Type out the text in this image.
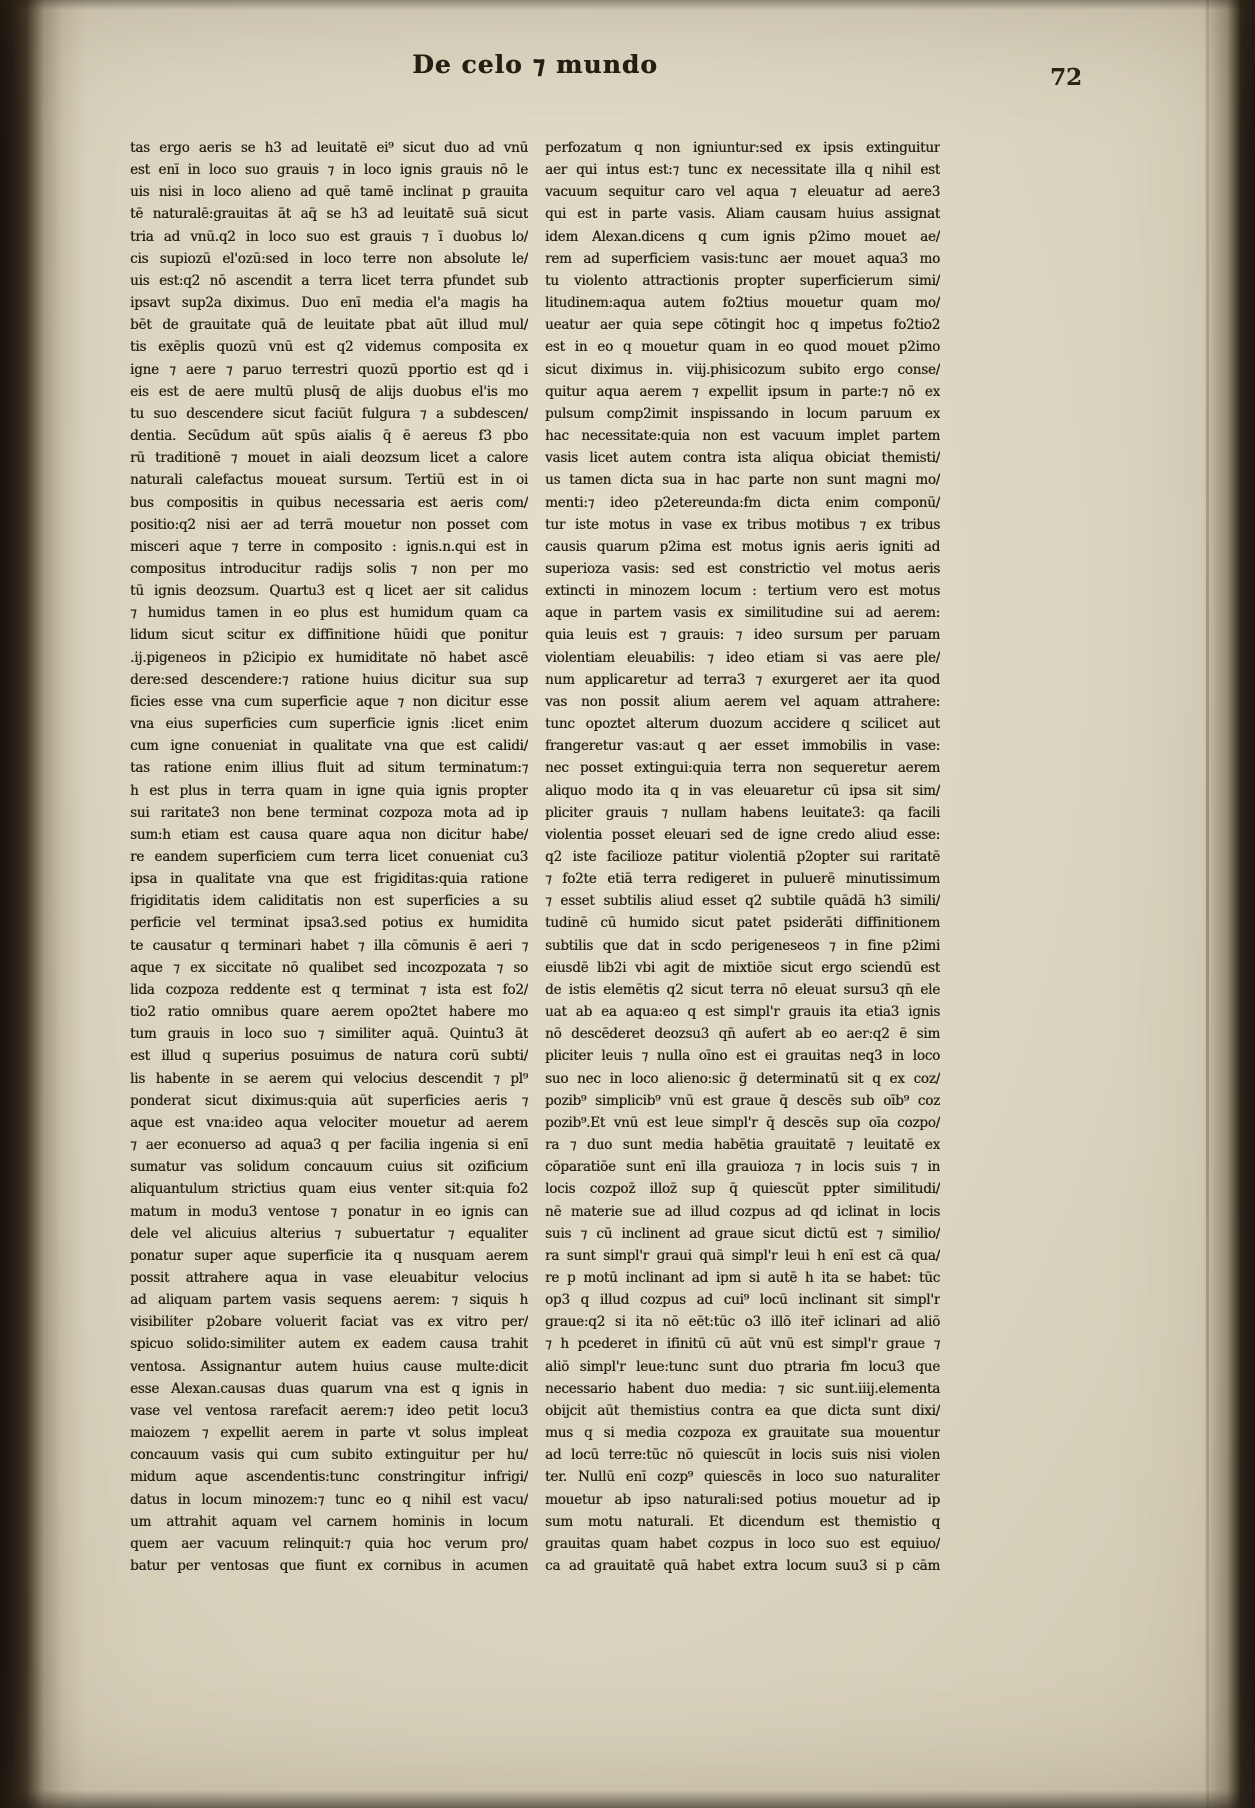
De celo ⁊ mundo	72
tas ergo aeris se h3 ad leuitatē ei⁹ sicut duo ad vnū
est enī in loco suo grauis ⁊ in loco ignis grauis nō le
uis nisi in loco alieno ad quē tamē inclinat p grauita
tē naturalē:grauitas āt aq̄ se h3 ad leuitatē suā sicut
tria ad vnū.q2 in loco suo est grauis ⁊ ī duobus lo/
cis supiozū el'ozū:sed in loco terre non absolute le/
uis est:q2 nō ascendit a terra licet terra pfundet sub
ipsavt sup2a diximus. Duo enī media el'a magis ha
bēt de grauitate quā de leuitate pbat aūt illud mul/
tis exēplis quozū vnū est q2 videmus composita ex
igne ⁊ aere ⁊ paruo terrestri quozū pportio est qd i
eis est de aere multū plusq̄ de alijs duobus el'is mo
tu suo descendere sicut faciūt fulgura ⁊ a subdescen/
dentia. Secūdum aūt spūs aialis q̄ ē aereus f3 pbo
rū traditionē ⁊ mouet in aiali deozsum licet a calore
naturali calefactus moueat sursum. Tertiū est in oi
bus compositis in quibus necessaria est aeris com/
positio:q2 nisi aer ad terrā mouetur non posset com
misceri aque ⁊ terre in composito : ignis.n.qui est in
compositus introducitur radijs solis ⁊ non per mo
tū ignis deozsum. Quartu3 est q licet aer sit calidus
⁊ humidus tamen in eo plus est humidum quam ca
lidum sicut scitur ex diffinitione hūidi que ponitur
.ij.pigeneos in p2icipio ex humiditate nō habet ascē
dere:sed descendere:⁊ ratione huius dicitur sua sup
ficies esse vna cum superficie aque ⁊ non dicitur esse
vna eius superficies cum superficie ignis :licet enim
cum igne conueniat in qualitate vna que est calidi/
tas ratione enim illius fluit ad situm terminatum:⁊
h est plus in terra quam in igne quia ignis propter
sui raritate3 non bene terminat cozpoza mota ad ip
sum:h etiam est causa quare aqua non dicitur habe/
re eandem superficiem cum terra licet conueniat cu3
ipsa in qualitate vna que est frigiditas:quia ratione
frigiditatis idem caliditatis non est superficies a su
perficie vel terminat ipsa3.sed potius ex humidita
te causatur q terminari habet ⁊ illa cōmunis ē aeri ⁊
aque ⁊ ex siccitate nō qualibet sed incozpozata ⁊ so
lida cozpoza reddente est q terminat ⁊ ista est fo2/
tio2 ratio omnibus quare aerem opo2tet habere mo
tum grauis in loco suo ⁊ similiter aquā. Quintu3 āt
est illud q superius posuimus de natura corū subti/
lis habente in se aerem qui velocius descendit ⁊ pl⁹
ponderat sicut diximus:quia aūt superficies aeris ⁊
aque est vna:ideo aqua velociter mouetur ad aerem
⁊ aer econuerso ad aqua3 q per facilia ingenia si enī
sumatur vas solidum concauum cuius sit ozificium
aliquantulum strictius quam eius venter sit:quia fo2
matum in modu3 ventose ⁊ ponatur in eo ignis can
dele vel alicuius alterius ⁊ subuertatur ⁊ equaliter
ponatur super aque superficie ita q nusquam aerem
possit attrahere aqua in vase eleuabitur velocius
ad aliquam partem vasis sequens aerem: ⁊ siquis h
visibiliter p2obare voluerit faciat vas ex vitro per/
spicuo solido:similiter autem ex eadem causa trahit
ventosa. Assignantur autem huius cause multe:dicit
esse Alexan.causas duas quarum vna est q ignis in
vase vel ventosa rarefacit aerem:⁊ ideo petit locu3
maiozem ⁊ expellit aerem in parte vt solus impleat
concauum vasis qui cum subito extinguitur per hu/
midum aque ascendentis:tunc constringitur infrigi/
datus in locum minozem:⁊ tunc eo q nihil est vacu/
um attrahit aquam vel carnem hominis in locum
quem aer vacuum relinquit:⁊ quia hoc verum pro/
batur per ventosas que fiunt ex cornibus in acumen
perfozatum q non igniuntur:sed ex ipsis extinguitur
aer qui intus est:⁊ tunc ex necessitate illa q nihil est
vacuum sequitur caro vel aqua ⁊ eleuatur ad aere3
qui est in parte vasis. Aliam causam huius assignat
idem Alexan.dicens q cum ignis p2imo mouet ae/
rem ad superficiem vasis:tunc aer mouet aqua3 mo
tu violento attractionis propter superficierum simi/
litudinem:aqua autem fo2tius mouetur quam mo/
ueatur aer quia sepe cōtingit hoc q impetus fo2tio2
est in eo q mouetur quam in eo quod mouet p2imo
sicut diximus in. viij.phisicozum subito ergo conse/
quitur aqua aerem ⁊ expellit ipsum in parte:⁊ nō ex
pulsum comp2imit inspissando in locum paruum ex
hac necessitate:quia non est vacuum implet partem
vasis licet autem contra ista aliqua obiciat themisti/
us tamen dicta sua in hac parte non sunt magni mo/
menti:⁊ ideo p2etereunda:fm dicta enim componū/
tur iste motus in vase ex tribus motibus ⁊ ex tribus
causis quarum p2ima est motus ignis aeris igniti ad
superioza vasis: sed est constrictio vel motus aeris
extincti in minozem locum : tertium vero est motus
aque in partem vasis ex similitudine sui ad aerem:
quia leuis est ⁊ grauis: ⁊ ideo sursum per paruam
violentiam eleuabilis: ⁊ ideo etiam si vas aere ple/
num applicaretur ad terra3 ⁊ exurgeret aer ita quod
vas non possit alium aerem vel aquam attrahere:
tunc opoztet alterum duozum accidere q scilicet aut
frangeretur vas:aut q aer esset immobilis in vase:
nec posset extingui:quia terra non sequeretur aerem
aliquo modo ita q in vas eleuaretur cū ipsa sit sim/
pliciter grauis ⁊ nullam habens leuitate3: qa facili
violentia posset eleuari sed de igne credo aliud esse:
q2 iste facilioze patitur violentiā p2opter sui raritatē
⁊ fo2te etiā terra redigeret in puluerē minutissimum
⁊ esset subtilis aliud esset q2 subtile quādā h3 simili/
tudinē cū humido sicut patet psiderāti diffinitionem
subtilis que dat in scdo perigeneseos ⁊ in fine p2imi
eiusdē lib2i vbi agit de mixtiōe sicut ergo sciendū est
de istis elemētis q2 sicut terra nō eleuat sursu3 qn̄ ele
uat ab ea aqua:eo q est simpl'r grauis ita etia3 ignis
nō descēderet deozsu3 qn̄ aufert ab eo aer:q2 ē sim
pliciter leuis ⁊ nulla oīno est ei grauitas neq3 in loco
suo nec in loco alieno:sic g̈ determinatū sit q ex coz/
pozib⁹ simplicib⁹ vnū est graue q̄ descēs sub oīb⁹ coz
pozib⁹.Et vnū est leue simpl'r q̄ descēs sup oīa cozpo/
ra ⁊ duo sunt media habētia grauitatē ⁊ leuitatē ex
cōparatiōe sunt enī illa grauioza ⁊ in locis suis ⁊ in
locis cozpoz̄ illoz̄ sup q̄ quiescūt ppter similitudi/
nē materie sue ad illud cozpus ad qd iclinat in locis
suis ⁊ cū inclinent ad graue sicut dictū est ⁊ similio/
ra sunt simpl'r graui quā simpl'r leui h enī est cā qua/
re p motū inclinant ad ipm si autē h ita se habet: tūc
op3 q illud cozpus ad cui⁹ locū inclinant sit simpl'r
graue:q2 si ita nō eēt:tūc o3 illō iter̄ iclinari ad aliō
⁊ h pcederet in ifinitū cū aūt vnū est simpl'r graue ⁊
aliō simpl'r leue:tunc sunt duo ptraria fm locu3 que
necessario habent duo media: ⁊ sic sunt.iiij.elementa
obijcit aūt themistius contra ea que dicta sunt dixi/
mus q si media cozpoza ex grauitate sua mouentur
ad locū terre:tūc nō quiescūt in locis suis nisi violen
ter. Nullū enī cozp⁹ quiescēs in loco suo naturaliter
mouetur ab ipso naturali:sed potius mouetur ad ip
sum motu naturali. Et dicendum est themistio q
grauitas quam habet cozpus in loco suo est equiuo/
ca ad grauitatē quā habet extra locum suu3 si p cām
